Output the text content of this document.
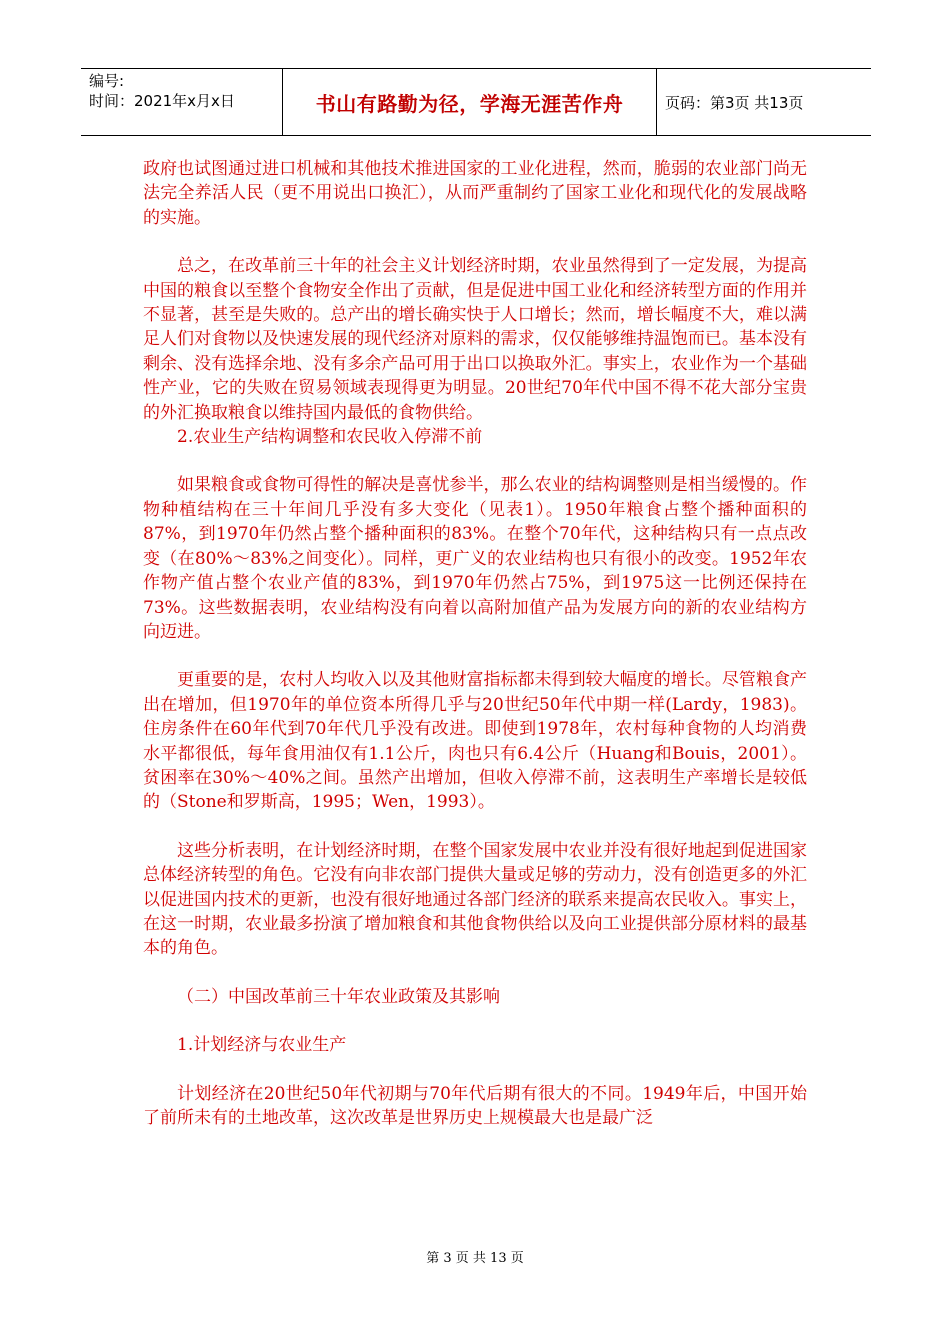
编号:
时间：2021年x月x日	书山有路勤为径，学海无涯苦作舟	页码：第3页 共13页

政府也试图通过进口机械和其他技术推进国家的工业化进程，然而，脆弱的农业部门尚无法完全养活人民（更不用说出口换汇），从而严重制约了国家工业化和现代化的发展战略的实施。

总之，在改革前三十年的社会主义计划经济时期，农业虽然得到了一定发展，为提高中国的粮食以至整个食物安全作出了贡献，但是促进中国工业化和经济转型方面的作用并不显著，甚至是失败的。总产出的增长确实快于人口增长；然而，增长幅度不大，难以满足人们对食物以及快速发展的现代经济对原料的需求，仅仅能够维持温饱而已。基本没有剩余、没有选择余地、没有多余产品可用于出口以换取外汇。事实上，农业作为一个基础性产业，它的失败在贸易领域表现得更为明显。20世纪70年代中国不得不花大部分宝贵的外汇换取粮食以维持国内最低的食物供给。

2.农业生产结构调整和农民收入停滞不前

如果粮食或食物可得性的解决是喜忧参半，那么农业的结构调整则是相当缓慢的。作物种植结构在三十年间几乎没有多大变化（见表1）。1950年粮食占整个播种面积的87%，到1970年仍然占整个播种面积的83%。在整个70年代，这种结构只有一点点改变（在80%～83%之间变化）。同样，更广义的农业结构也只有很小的改变。1952年农作物产值占整个农业产值的83%，到1970年仍然占75%，到1975这一比例还保持在73%。这些数据表明，农业结构没有向着以高附加值产品为发展方向的新的农业结构方向迈进。

更重要的是，农村人均收入以及其他财富指标都未得到较大幅度的增长。尽管粮食产出在增加，但1970年的单位资本所得几乎与20世纪50年代中期一样(Lardy，1983)。住房条件在60年代到70年代几乎没有改进。即使到1978年，农村每种食物的人均消费水平都很低，每年食用油仅有1.1公斤，肉也只有6.4公斤（Huang和Bouis，2001）。贫困率在30%～40%之间。虽然产出增加，但收入停滞不前，这表明生产率增长是较低的（Stone和罗斯高，1995；Wen，1993）。

这些分析表明，在计划经济时期，在整个国家发展中农业并没有很好地起到促进国家总体经济转型的角色。它没有向非农部门提供大量或足够的劳动力，没有创造更多的外汇以促进国内技术的更新，也没有很好地通过各部门经济的联系来提高农民收入。事实上，在这一时期，农业最多扮演了增加粮食和其他食物供给以及向工业提供部分原材料的最基本的角色。

（二）中国改革前三十年农业政策及其影响

1.计划经济与农业生产

计划经济在20世纪50年代初期与70年代后期有很大的不同。1949年后，中国开始了前所未有的土地改革，这次改革是世界历史上规模最大也是最广泛

第 3 页 共 13 页
